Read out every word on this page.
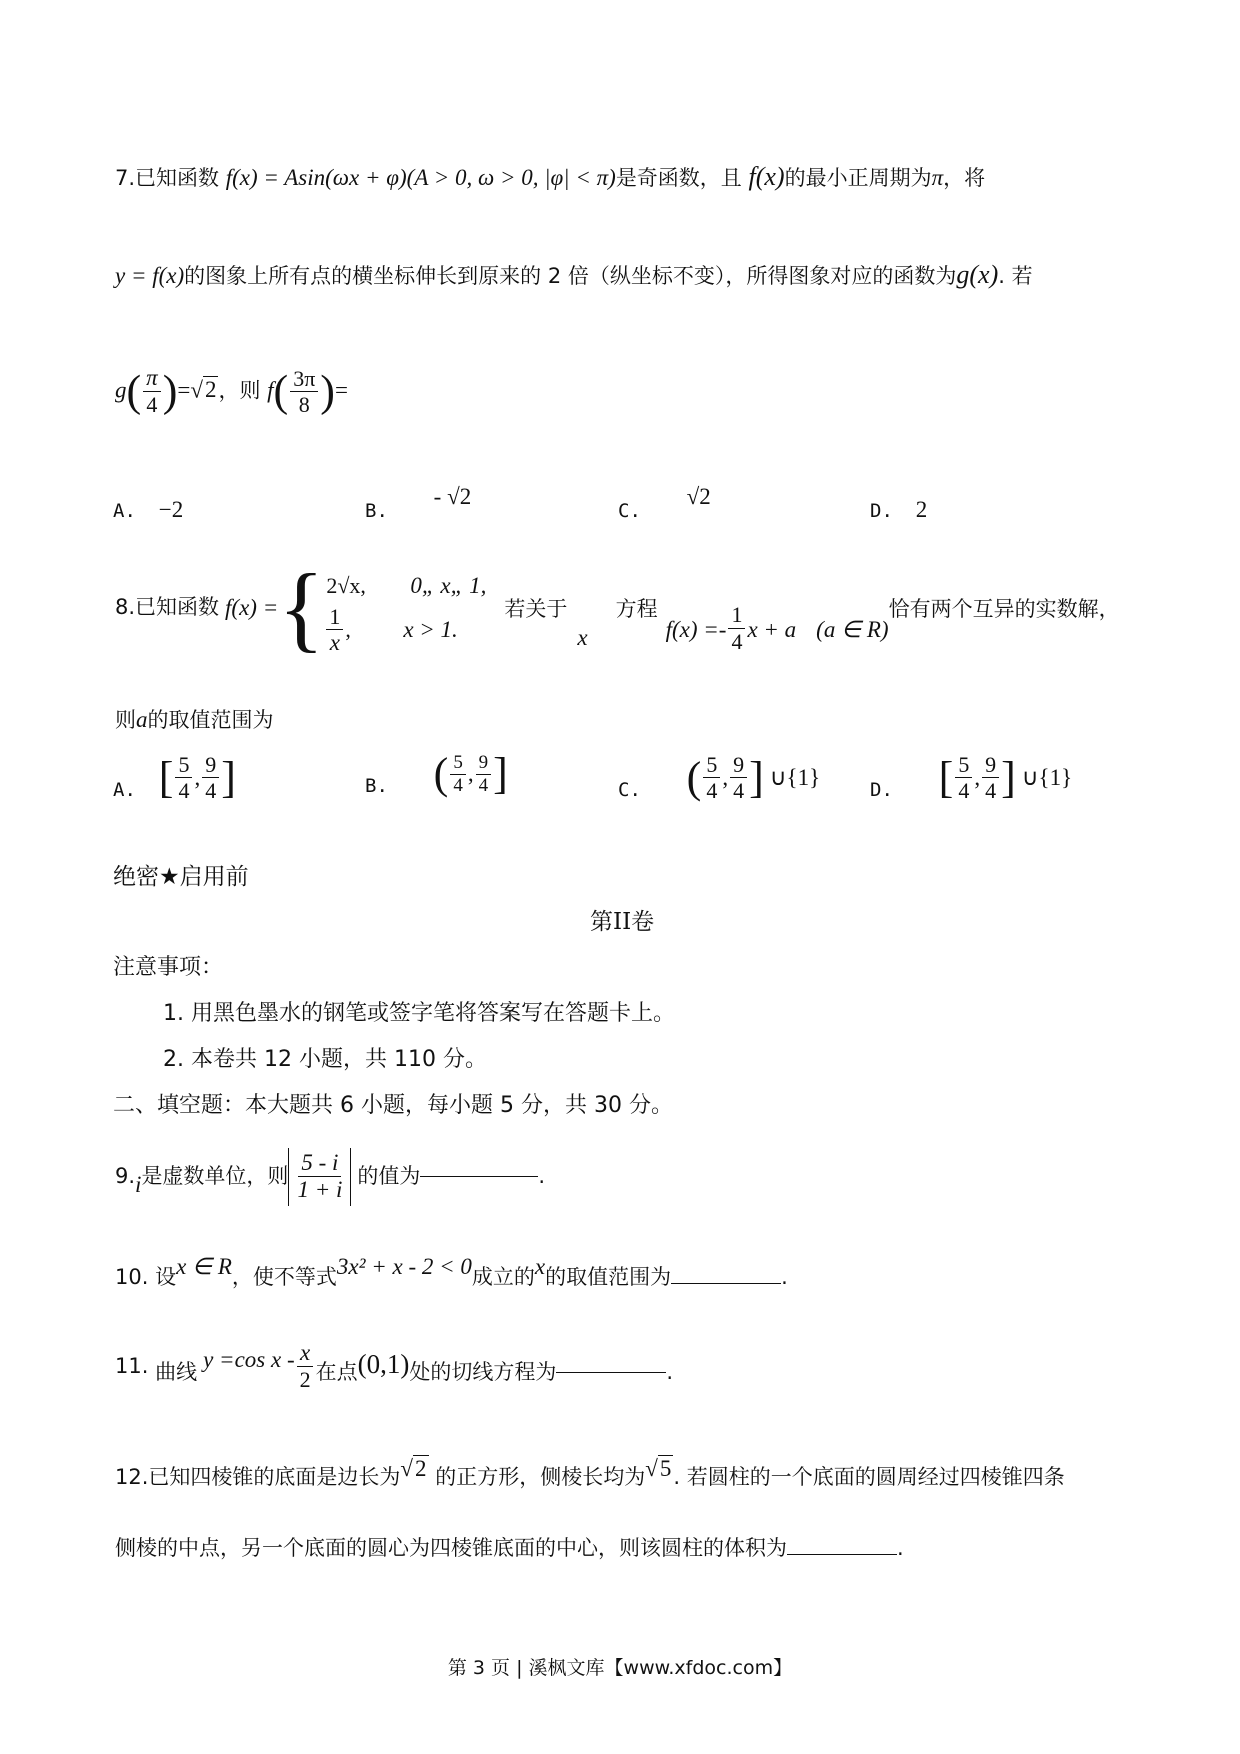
7.已知函数 f(x) = Asin(ωx + φ)(A > 0, ω > 0, |φ| < π)是奇函数，且 f(x)的最小正周期为π，将
y = f(x)的图象上所有点的横坐标伸长到原来的 2 倍（纵坐标不变），所得图象对应的函数为g(x). 若
$g( \frac{\pi}{4} )=√2$，则 $f( \frac{3\pi}{8}$ )=
A. −2	B.    - √2
C.    √2
D. 2
8. 已知函数 f(x) = { 2√x,	0„ x„ 1,
$\frac{1}{x}$ ,	x > 1.
若关于
x
方程
$f(x) =- \frac{1}{4}$ x + a (a ∈ R)
恰有两个互异的实数解，
则a的取值范围为
A.
[ $\frac{5}{4}$ , $\frac{9}{4}$ ]	B.
( $\frac{5}{4}$ , $\frac{9}{4}$ ]	C.
( $\frac{5}{4}$ , $\frac{9}{4}$ ] ∪{1}	D.
[ $\frac{5}{4}$ , $\frac{9}{4}$ ] ∪{1}
绝密★启用前
第II卷
注意事项：
1. 用黑色墨水的钢笔或签字笔将答案写在答题卡上。
2. 本卷共 12 小题，共 110 分。
二、填空题：本大题共 6 小题，每小题 5 分，共 30 分。
9. i 是虚数单位，则 $\frac{5 - i}{1 + i}$ 的值为	.
10. 设x ∈ R，使不等式3x² + x - 2 < 0成立的x的取值范围为	.
11.
曲线 y =cos x - $\frac{x}{2}$ 在点 (0,1) 处的切线方程为	.
12.已知四棱锥的底面是边长为√2 的正方形，侧棱长均为√5. 若圆柱的一个底面的圆周经过四棱锥四条
侧棱的中点，另一个底面的圆心为四棱锥底面的中心，则该圆柱的体积为	.
第 3 页 | 溪枫文库【www.xfdoc.com】
